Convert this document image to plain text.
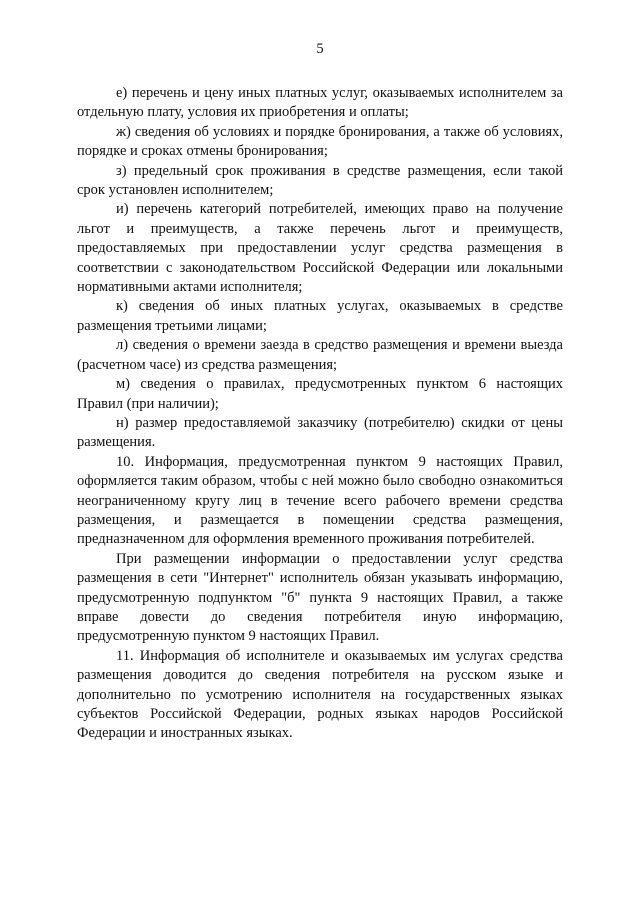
5

е) перечень и цену иных платных услуг, оказываемых исполнителем за отдельную плату, условия их приобретения и оплаты;

ж) сведения об условиях и порядке бронирования, а также об условиях, порядке и сроках отмены бронирования;

з) предельный срок проживания в средстве размещения, если такой срок установлен исполнителем;

и) перечень категорий потребителей, имеющих право на получение льгот и преимуществ, а также перечень льгот и преимуществ, предоставляемых при предоставлении услуг средства размещения в соответствии с законодательством Российской Федерации или локальными нормативными актами исполнителя;

к) сведения об иных платных услугах, оказываемых в средстве размещения третьими лицами;

л) сведения о времени заезда в средство размещения и времени выезда (расчетном часе) из средства размещения;

м) сведения о правилах, предусмотренных пунктом 6 настоящих Правил (при наличии);

н) размер предоставляемой заказчику (потребителю) скидки от цены размещения.

10. Информация, предусмотренная пунктом 9 настоящих Правил, оформляется таким образом, чтобы с ней можно было свободно ознакомиться неограниченному кругу лиц в течение всего рабочего времени средства размещения, и размещается в помещении средства размещения, предназначенном для оформления временного проживания потребителей.

При размещении информации о предоставлении услуг средства размещения в сети "Интернет" исполнитель обязан указывать информацию, предусмотренную подпунктом "б" пункта 9 настоящих Правил, а также вправе довести до сведения потребителя иную информацию, предусмотренную пунктом 9 настоящих Правил.

11. Информация об исполнителе и оказываемых им услугах средства размещения доводится до сведения потребителя на русском языке и дополнительно по усмотрению исполнителя на государственных языках субъектов Российской Федерации, родных языках народов Российской Федерации и иностранных языках.
